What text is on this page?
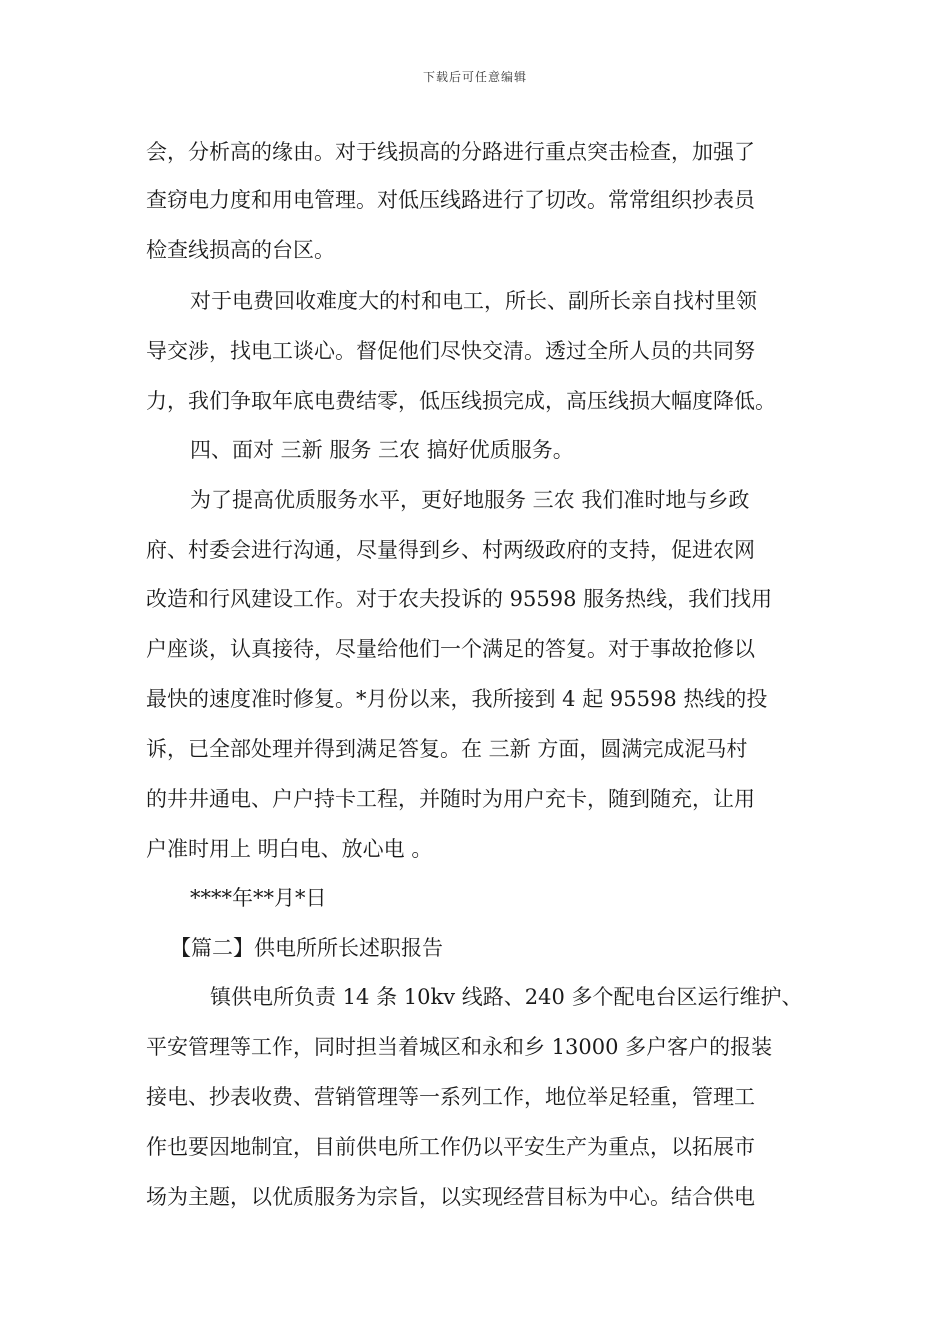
下载后可任意编辑
会，分析高的缘由。对于线损高的分路进行重点突击检查，加强了
查窃电力度和用电管理。对低压线路进行了切改。常常组织抄表员
检查线损高的台区。
对于电费回收难度大的村和电工，所长、副所长亲自找村里领
导交涉，找电工谈心。督促他们尽快交清。透过全所人员的共同努
力，我们争取年底电费结零，低压线损完成，高压线损大幅度降低。
四、面对 三新 服务 三农 搞好优质服务。
为了提高优质服务水平，更好地服务 三农 我们准时地与乡政
府、村委会进行沟通，尽量得到乡、村两级政府的支持，促进农网
改造和行风建设工作。对于农夫投诉的 95598 服务热线，我们找用
户座谈，认真接待，尽量给他们一个满足的答复。对于事故抢修以
最快的速度准时修复。*月份以来，我所接到 4 起 95598 热线的投
诉，已全部处理并得到满足答复。在 三新 方面，圆满完成泥马村
的井井通电、户户持卡工程，并随时为用户充卡，随到随充，让用
户准时用上 明白电、放心电 。
****年**月*日
【篇二】供电所所长述职报告
镇供电所负责 14 条 10kv 线路、240 多个配电台区运行维护、
平安管理等工作，同时担当着城区和永和乡 13000 多户客户的报装
接电、抄表收费、营销管理等一系列工作，地位举足轻重，管理工
作也要因地制宜，目前供电所工作仍以平安生产为重点，以拓展市
场为主题，以优质服务为宗旨，以实现经营目标为中心。结合供电
